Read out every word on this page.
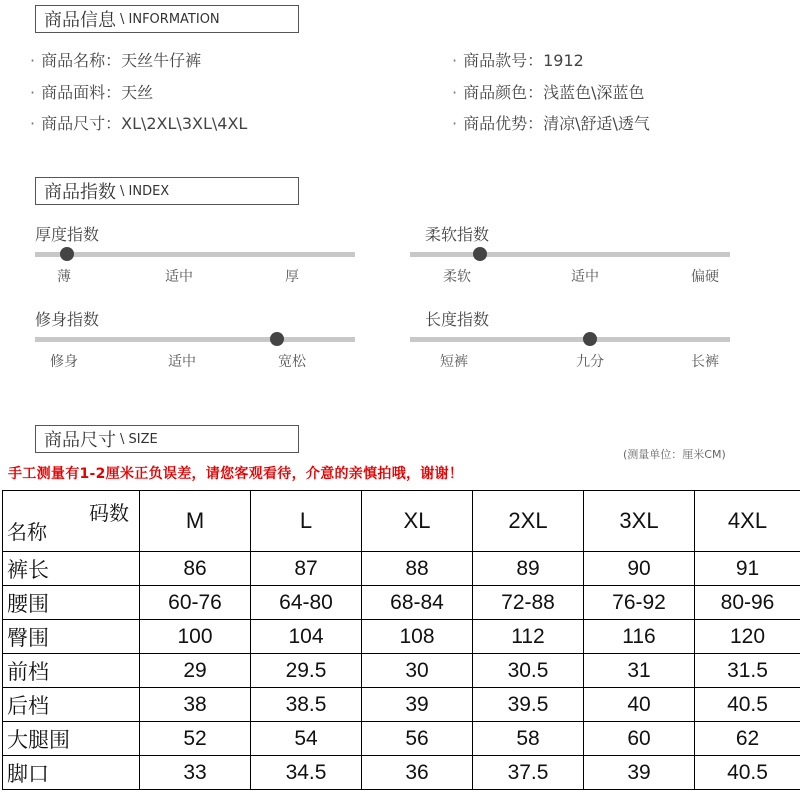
商品信息 \ INFORMATION
· 商品名称：天丝牛仔裤
· 商品面料：天丝
· 商品尺寸：XL\2XL\3XL\4XL
· 商品款号：1912
· 商品颜色：浅蓝色\深蓝色
· 商品优势：清凉\舒适\透气
商品指数 \ INDEX
厚度指数
薄	适中	厚
柔软指数
柔软	适中	偏硬
修身指数
修身	适中	宽松
长度指数
短裤	九分	长裤
商品尺寸 \ SIZE
(测量单位：厘米CM)
手工测量有1-2厘米正负误差，请您客观看待，介意的亲慎拍哦，谢谢！
码数
名称	M	L	XL	2XL	3XL	4XL
裤长	86	87	88	89	90	91
腰围	60-76	64-80	68-84	72-88	76-92	80-96
臀围	100	104	108	112	116	120
前档	29	29.5	30	30.5	31	31.5
后档	38	38.5	39	39.5	40	40.5
大腿围	52	54	56	58	60	62
脚口	33	34.5	36	37.5	39	40.5
